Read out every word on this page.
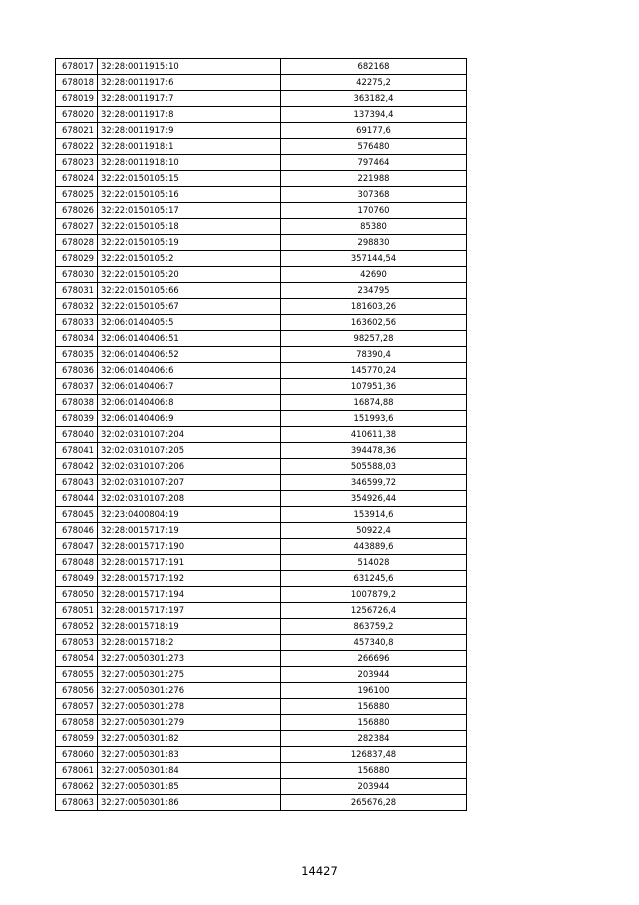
678017	32:28:0011915:10	682168
678018	32:28:0011917:6	42275,2
678019	32:28:0011917:7	363182,4
678020	32:28:0011917:8	137394,4
678021	32:28:0011917:9	69177,6
678022	32:28:0011918:1	576480
678023	32:28:0011918:10	797464
678024	32:22:0150105:15	221988
678025	32:22:0150105:16	307368
678026	32:22:0150105:17	170760
678027	32:22:0150105:18	85380
678028	32:22:0150105:19	298830
678029	32:22:0150105:2	357144,54
678030	32:22:0150105:20	42690
678031	32:22:0150105:66	234795
678032	32:22:0150105:67	181603,26
678033	32:06:0140405:5	163602,56
678034	32:06:0140406:51	98257,28
678035	32:06:0140406:52	78390,4
678036	32:06:0140406:6	145770,24
678037	32:06:0140406:7	107951,36
678038	32:06:0140406:8	16874,88
678039	32:06:0140406:9	151993,6
678040	32:02:0310107:204	410611,38
678041	32:02:0310107:205	394478,36
678042	32:02:0310107:206	505588,03
678043	32:02:0310107:207	346599,72
678044	32:02:0310107:208	354926,44
678045	32:23:0400804:19	153914,6
678046	32:28:0015717:19	50922,4
678047	32:28:0015717:190	443889,6
678048	32:28:0015717:191	514028
678049	32:28:0015717:192	631245,6
678050	32:28:0015717:194	1007879,2
678051	32:28:0015717:197	1256726,4
678052	32:28:0015718:19	863759,2
678053	32:28:0015718:2	457340,8
678054	32:27:0050301:273	266696
678055	32:27:0050301:275	203944
678056	32:27:0050301:276	196100
678057	32:27:0050301:278	156880
678058	32:27:0050301:279	156880
678059	32:27:0050301:82	282384
678060	32:27:0050301:83	126837,48
678061	32:27:0050301:84	156880
678062	32:27:0050301:85	203944
678063	32:27:0050301:86	265676,28
14427
